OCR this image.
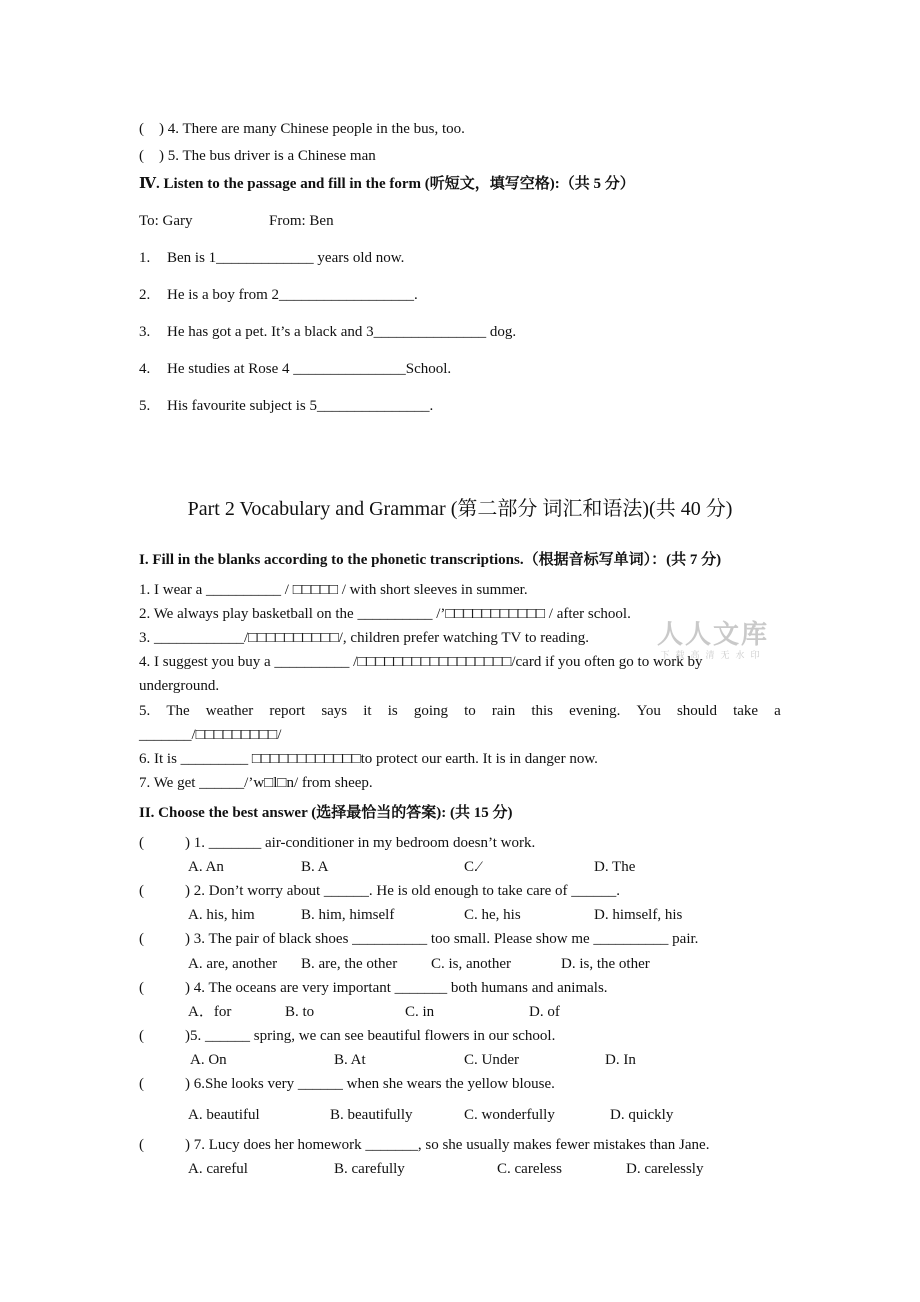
(    ) 4. There are many Chinese people in the bus, too.
(    ) 5. The bus driver is a Chinese man
Ⅳ. Listen to the passage and fill in the form (听短文，填写空格):（共 5 分）
To: Gary	From: Ben
1. Ben is 1_____________ years old now.
2. He is a boy from 2__________________.
3. He has got a pet. It’s a black and 3_______________ dog.
4. He studies at Rose 4 _______________School.
5. His favourite subject is 5_______________.
Part 2 Vocabulary and Grammar (第二部分 词汇和语法)(共 40 分)
I. Fill in the blanks according to the phonetic transcriptions.（根据音标写单词）：(共 7 分)
1. I wear a __________ / □□□□□ / with short sleeves in summer.
2. We always play basketball on the __________ /’□□□□□□□□□□□ / after school.
3. ____________/□□□□□□□□□□/, children prefer watching TV to reading.
4. I suggest you buy a __________ /□□□□□□□□□□□□□□□□□/card if you often go to work by
underground.
5. The weather report says it is going to rain this evening. You should take a
_______/□□□□□□□□□/
6. It is _________ □□□□□□□□□□□□to protect our earth. It is in danger now.
7. We get ______/’w□l□n/ from sheep.
人人文库
下载高清无水印
II. Choose the best answer (选择最恰当的答案): (共 15 分)
(	) 1. _______ air-conditioner in my bedroom doesn’t work.
A. An	B. A	C.⁄	D. The
(	) 2. Don’t worry about ______. He is old enough to take care of ______.
A. his, him	B. him, himself	C. he, his	D. himself, his
(	) 3. The pair of black shoes __________ too small. Please show me __________ pair.
A. are, another B. are, the other C. is, another	D. is, the other
(	) 4. The oceans are very important _______ both humans and animals.
A．for	B. to	C. in	D. of
(	)5. ______ spring, we can see beautiful flowers in our school.
A. On	B. At	C. Under	D. In
(	) 6.She looks very ______ when she wears the yellow blouse.
A. beautiful	B. beautifully	C. wonderfully	D. quickly
(	) 7. Lucy does her homework _______, so she usually makes fewer mistakes than Jane.
A. careful	B. carefully	C. careless	D. carelessly
